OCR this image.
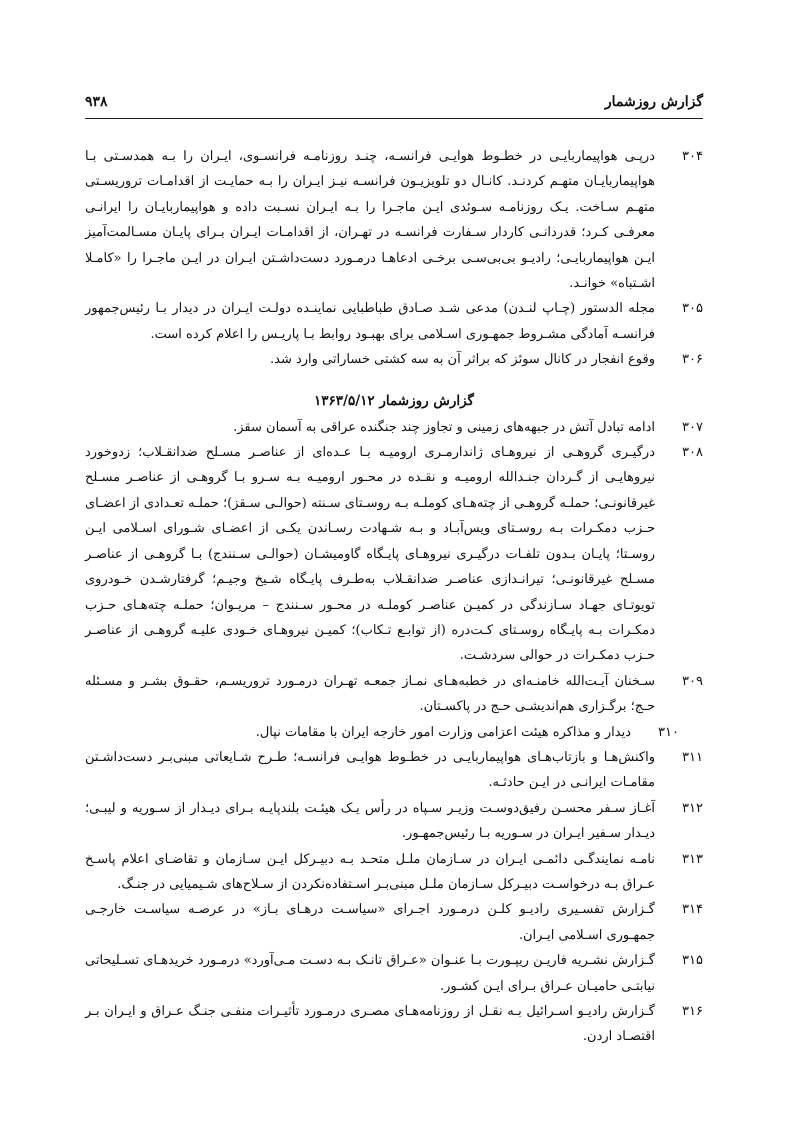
گزارش روزشمار
۹۳۸
۳۰۴
درپـی هواپیماربایـی در خطـوط هوایـی فرانسـه، چنـد روزنامـه فرانسـوی، ایـران را بـه همدسـتی بـا هواپیماربایـان متهـم کردنـد. کانـال دو تلویزیـون فرانسـه نیـز ایـران را بـه حمایـت از اقدامـات تروریسـتی متهـم سـاخت. یـک روزنامـه سـوئدی ایـن ماجـرا را بـه ایـران نسـبت داده و هواپیماربایـان را ایرانـی معرفـی کـرد؛ قدردانـی کاردار سـفارت فرانسـه در تهـران، از اقدامـات ایـران بـرای پایـان مسـالمت‌آمیز ایـن هواپیماربایـی؛ رادیـو بی‌بی‌سـی برخـی ادعاهـا درمـورد دست‌داشـتن ایـران در ایـن ماجـرا را «کامـلا اشـتباه» خوانـد.
۳۰۵
مجله الدستور (چـاپ لنـدن) مدعی شـد صـادق طباطبایی نماینـده دولـت ایـران در دیدار بـا رئیس‌جمهور فرانسـه آمادگی مشـروط جمهـوری اسـلامی برای بهبـود روابط بـا پاریـس را اعلام کرده است.
۳۰۶
وقوع انفجار در کانال سوئز که براثر آن به سه کشتی خساراتی وارد شد.
گزارش روزشمار ۱۳۶۳/۵/۱۲
۳۰۷
ادامه تبادل آتش در جبهه‌های زمینی و تجاوز چند جنگنده عراقی به آسمان سقز.
۳۰۸
درگیـری گروهـی از نیروهـای ژاندارمـری ارومیـه بـا عـده‌ای از عناصـر مسـلح ضدانقـلاب؛ زدوخورد نیروهایـی از گـردان جنـدالله ارومیـه و نقـده در محـور ارومیـه بـه سـرو بـا گروهـی از عناصـر مسـلح غیرقانونـی؛ حملـه گروهـی از چته‌هـای کوملـه بـه روسـتای سـنته (حوالـی سـقز)؛ حملـه تعـدادی از اعضـای حـزب دمکـرات بـه روسـتای ویس‌آبـاد و بـه شـهادت رسـاندن یکـی از اعضـای شـورای اسـلامی ایـن روسـتا؛ پایـان بـدون تلفـات درگیـری نیروهـای پایـگاه گاومیشـان (حوالـی سـنندج) بـا گروهـی از عناصـر مسـلح غیرقانونـی؛ تیرانـدازی عناصـر ضدانقـلاب به‌طـرف پایـگاه شـیخ وجیـم؛ گرفتارشـدن خـودروی تویوتـای جهـاد سـازندگی در کمیـن عناصـر کوملـه در محـور سـنندج – مریـوان؛ حملـه چته‌هـای حـزب دمکـرات بـه پایـگاه روسـتای کـت‌دره (از توابـع تـکاب)؛ کمیـن نیروهـای خـودی علیـه گروهـی از عناصـر حـزب دمکـرات در حوالی سردشـت.
۳۰۹
سـخنان آیـت‌الله خامنـه‌ای در خطبه‌هـای نمـاز جمعـه تهـران درمـورد تروریسـم، حقـوق بشـر و مسـئله حـج؛ برگـزاری هم‌اندیشـی حـج در پاکسـتان.
۳۱۰
دیدار و مذاکره هیئت اعزامی وزارت امور خارجه ایران با مقامات نپال.
۳۱۱
واکنش‌هـا و بازتاب‌هـای هواپیماربایـی در خطـوط هوایـی فرانسـه؛ طـرح شـایعاتی مبنی‌بـر دست‌داشـتن مقامـات ایرانـی در ایـن حادثـه.
۳۱۲
آغـاز سـفر محسـن رفیق‌دوسـت وزیـر سـپاه در رأس یـک هیئـت بلندپایـه بـرای دیـدار از سـوریه و لیبـی؛ دیـدار سـفیر ایـران در سـوریه بـا رئیس‌جمهـور.
۳۱۳
نامـه نمایندگـی دائمـی ایـران در سـازمان ملـل متحـد بـه دبیـرکل ایـن سـازمان و تقاضـای اعلام پاسـخ عـراق بـه درخواسـت دبیـرکل سـازمان ملـل مبنی‌بـر اسـتفاده‌نکردن از سـلاح‌های شـیمیایی در جنـگ.
۳۱۴
گـزارش تفسـیری رادیـو کلـن درمـورد اجـرای «سیاسـت درهـای بـاز» در عرصـه سیاسـت خارجـی جمهـوری اسـلامی ایـران.
۳۱۵
گـزارش نشـریه فاریـن ریپـورت بـا عنـوان «عـراق تانـک بـه دسـت مـی‌آورد» درمـورد خریدهـای تسـلیحاتی نیابتـی حامیـان عـراق بـرای ایـن کشـور.
۳۱۶
گـزارش رادیـو اسـرائیل بـه نقـل از روزنامه‌هـای مصـری درمـورد تأثیـرات منفـی جنـگ عـراق و ایـران بـر اقتصـاد اردن.
